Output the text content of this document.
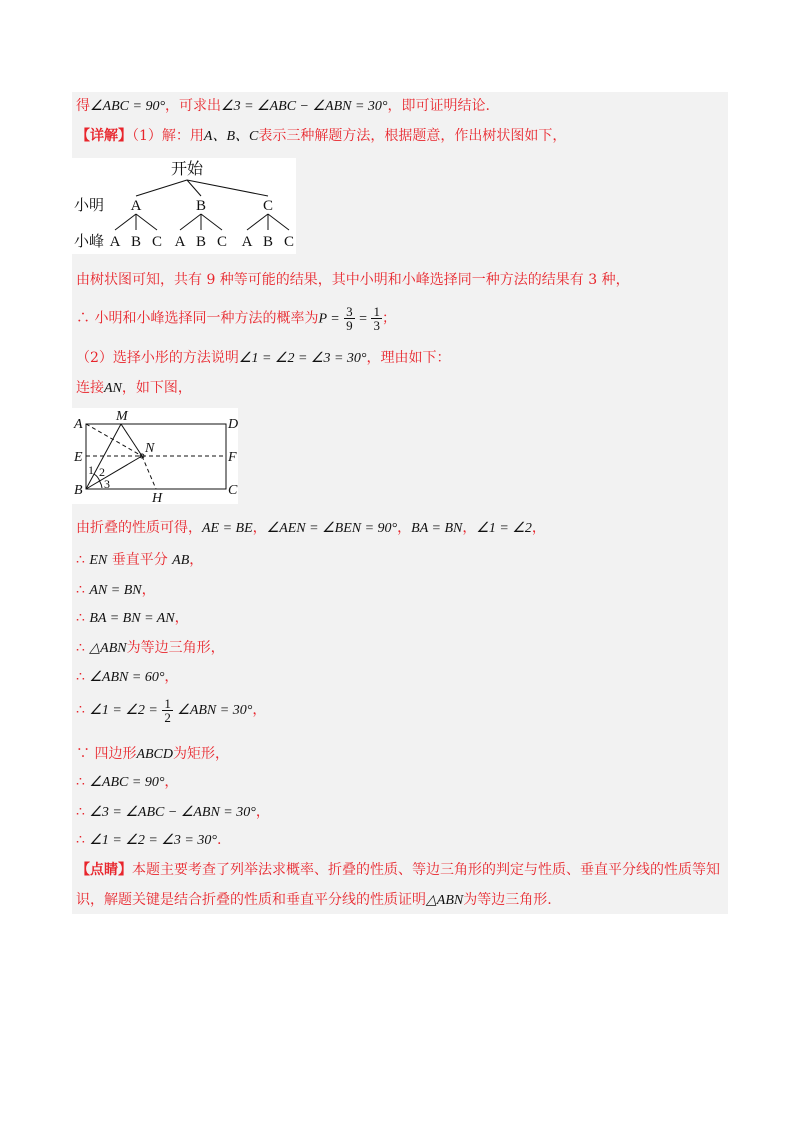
得∠ABC = 90°，可求出∠3 = ∠ABC − ∠ABN = 30°，即可证明结论.
【详解】（1）解：用A、B、C表示三种解题方法，根据题意，作出树状图如下，
开始
小明
小峰
A	B	C
A B C A B C A B C
由树状图可知，共有 9 种等可能的结果，其中小明和小峰选择同一种方法的结果有 3 种，
∴ 小明和小峰选择同一种方法的概率为$P = \frac{3}{9} = \frac{1}{3}$ ；
（2）选择小彤的方法说明∠1 = ∠2 = ∠3 = 30°，理由如下：
连接AN，如下图，
A
M
D
N
E	F
B
H
C
1 2
3
由折叠的性质可得，AE = BE，∠AEN = ∠BEN = 90°，BA = BN，∠1 = ∠2，
∴ EN 垂直平分 AB，
∴ AN = BN，
∴ BA = BN = AN，
∴ △ABN为等边三角形，
∴ ∠ABN = 60°，
∴ ∠1 = ∠2 = $\frac{1}{2}$ ∠ABN = 30°，
∵ 四边形ABCD为矩形，
∴ ∠ABC = 90°，
∴ ∠3 = ∠ABC − ∠ABN = 30°，
∴ ∠1 = ∠2 = ∠3 = 30°.
【点睛】本题主要考查了列举法求概率、折叠的性质、等边三角形的判定与性质、垂直平分线的性质等知
识，解题关键是结合折叠的性质和垂直平分线的性质证明△ABN为等边三角形.
